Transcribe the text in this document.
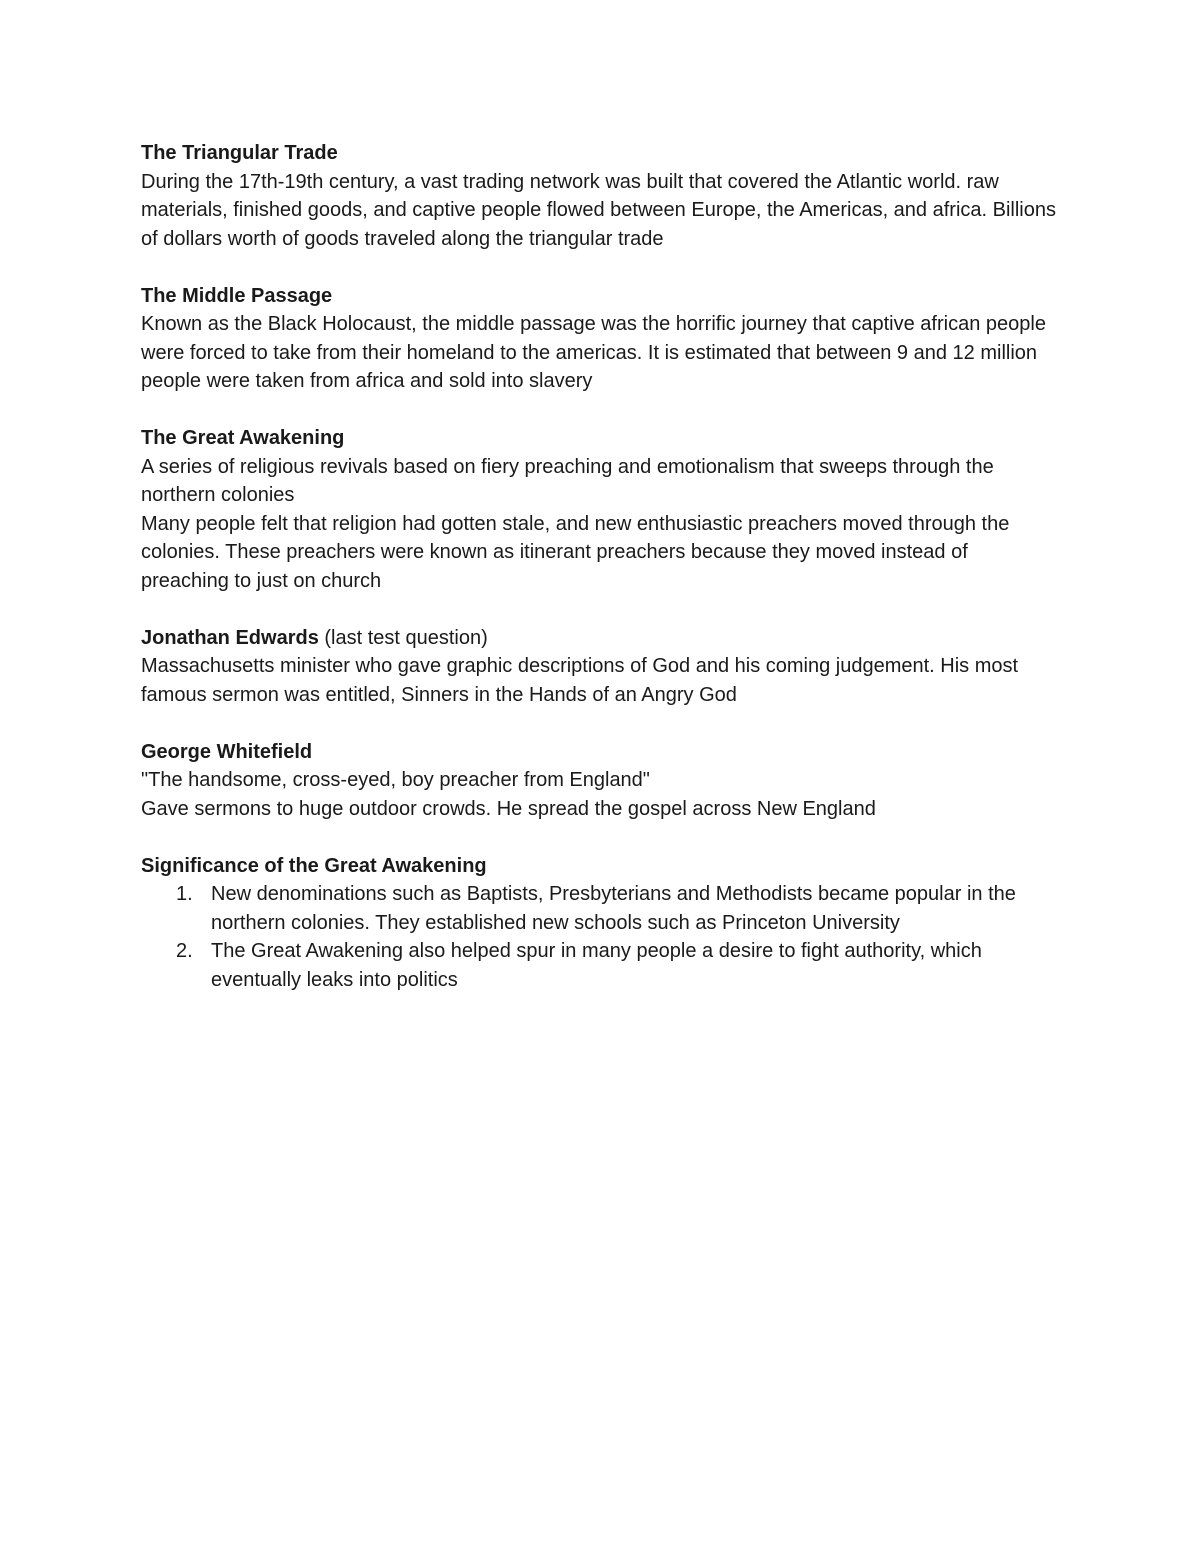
The Triangular Trade

During the 17th-19th century, a vast trading network was built that covered the Atlantic world. raw materials, finished goods, and captive people flowed between Europe, the Americas, and africa. Billions of dollars worth of goods traveled along the triangular trade

The Middle Passage

Known as the Black Holocaust, the middle passage was the horrific journey that captive african people were forced to take from their homeland to the americas. It is estimated that between 9 and 12 million people were taken from africa and sold into slavery

The Great Awakening

A series of religious revivals based on fiery preaching and emotionalism that sweeps through the northern colonies

Many people felt that religion had gotten stale, and new enthusiastic preachers moved through the colonies. These preachers were known as itinerant preachers because they moved instead of preaching to just on church

Jonathan Edwards (last test question)

Massachusetts minister who gave graphic descriptions of God and his coming judgement. His most famous sermon was entitled, Sinners in the Hands of an Angry God

George Whitefield

"The handsome, cross-eyed, boy preacher from England"

Gave sermons to huge outdoor crowds. He spread the gospel across New England

Significance of the Great Awakening

1. New denominations such as Baptists, Presbyterians and Methodists became popular in the northern colonies. They established new schools such as Princeton University
2. The Great Awakening also helped spur in many people a desire to fight authority, which eventually leaks into politics
